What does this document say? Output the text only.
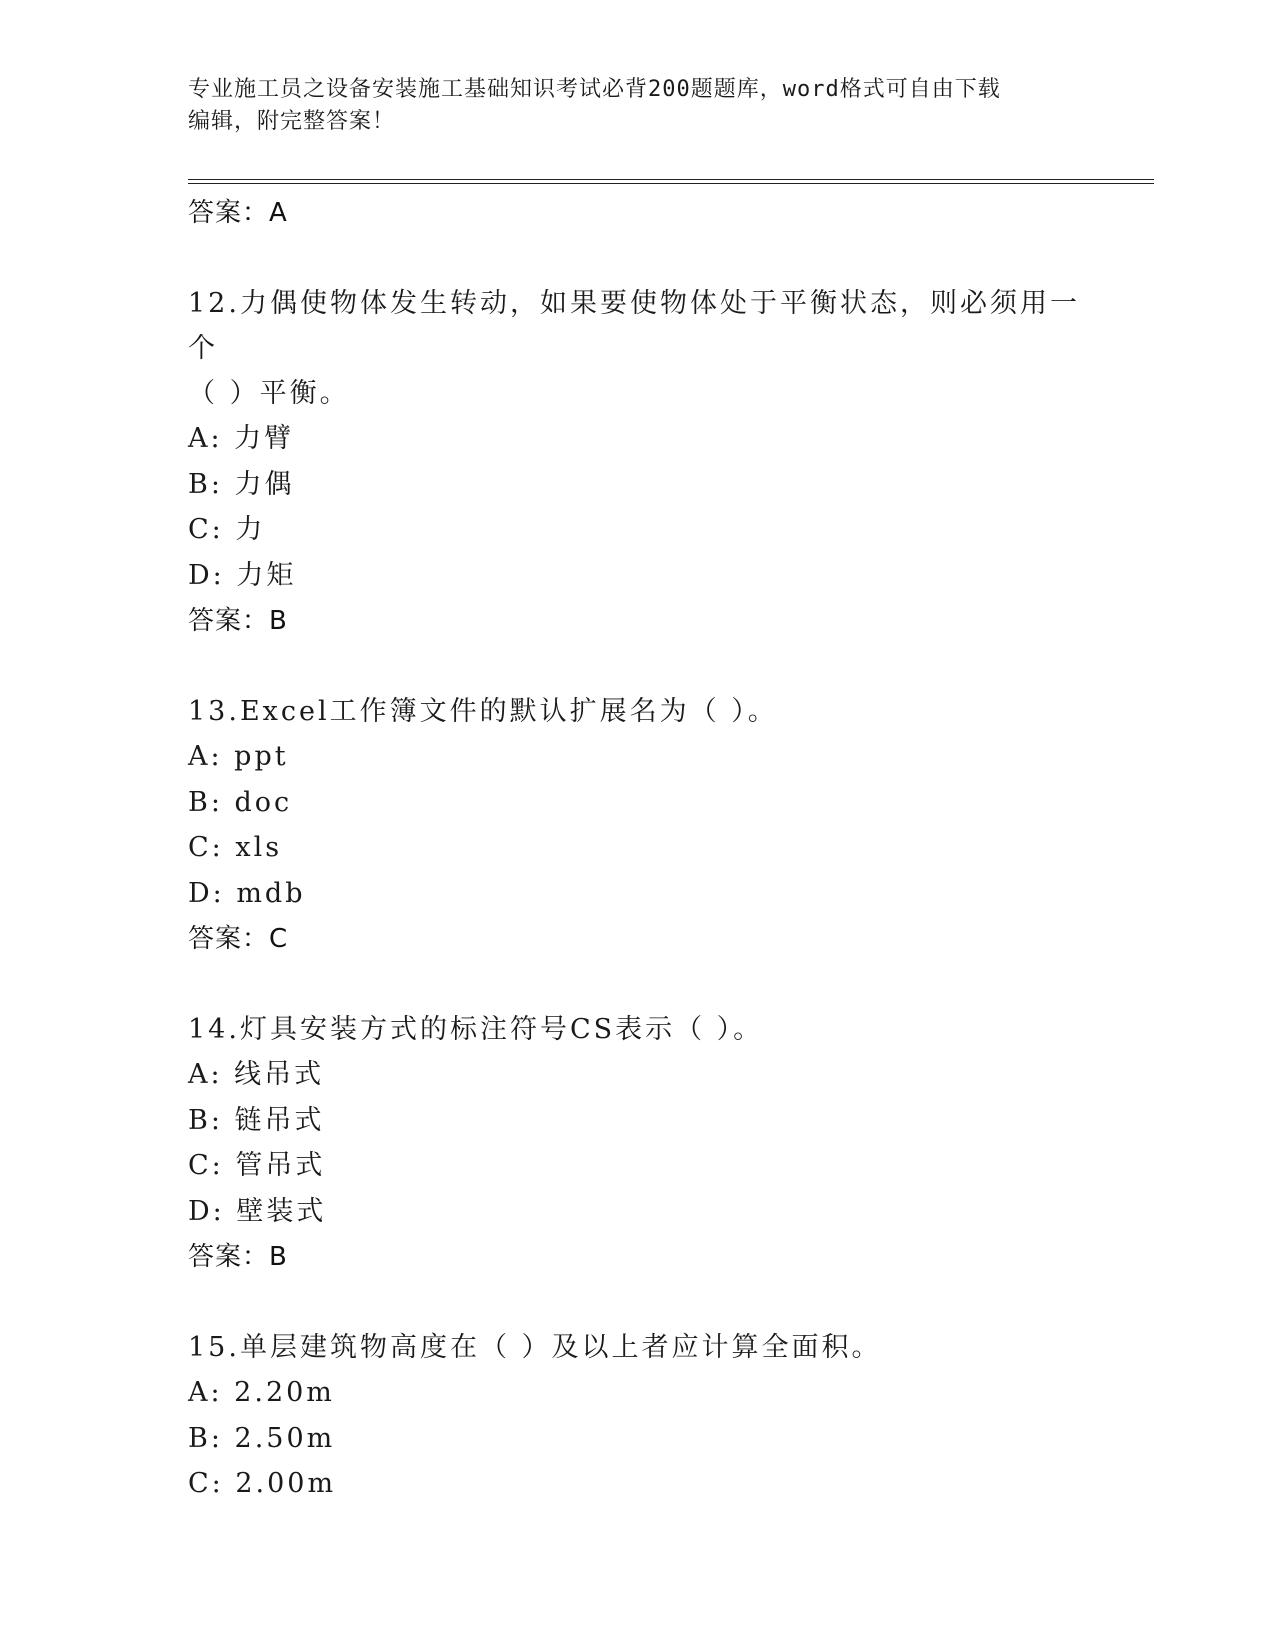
专业施工员之设备安装施工基础知识考试必背200题题库，word格式可自由下载
编辑，附完整答案！
答案：A
12.力偶使物体发生转动，如果要使物体处于平衡状态，则必须用一个
（ ）平衡。
A: 力臂
B: 力偶
C: 力
D: 力矩
答案：B
13.Excel工作簿文件的默认扩展名为（ ）。
A: ppt
B: doc
C: xls
D: mdb
答案：C
14.灯具安装方式的标注符号CS表示（ ）。
A: 线吊式
B: 链吊式
C: 管吊式
D: 壁装式
答案：B
15.单层建筑物高度在（ ）及以上者应计算全面积。
A: 2.20m
B: 2.50m
C: 2.00m
